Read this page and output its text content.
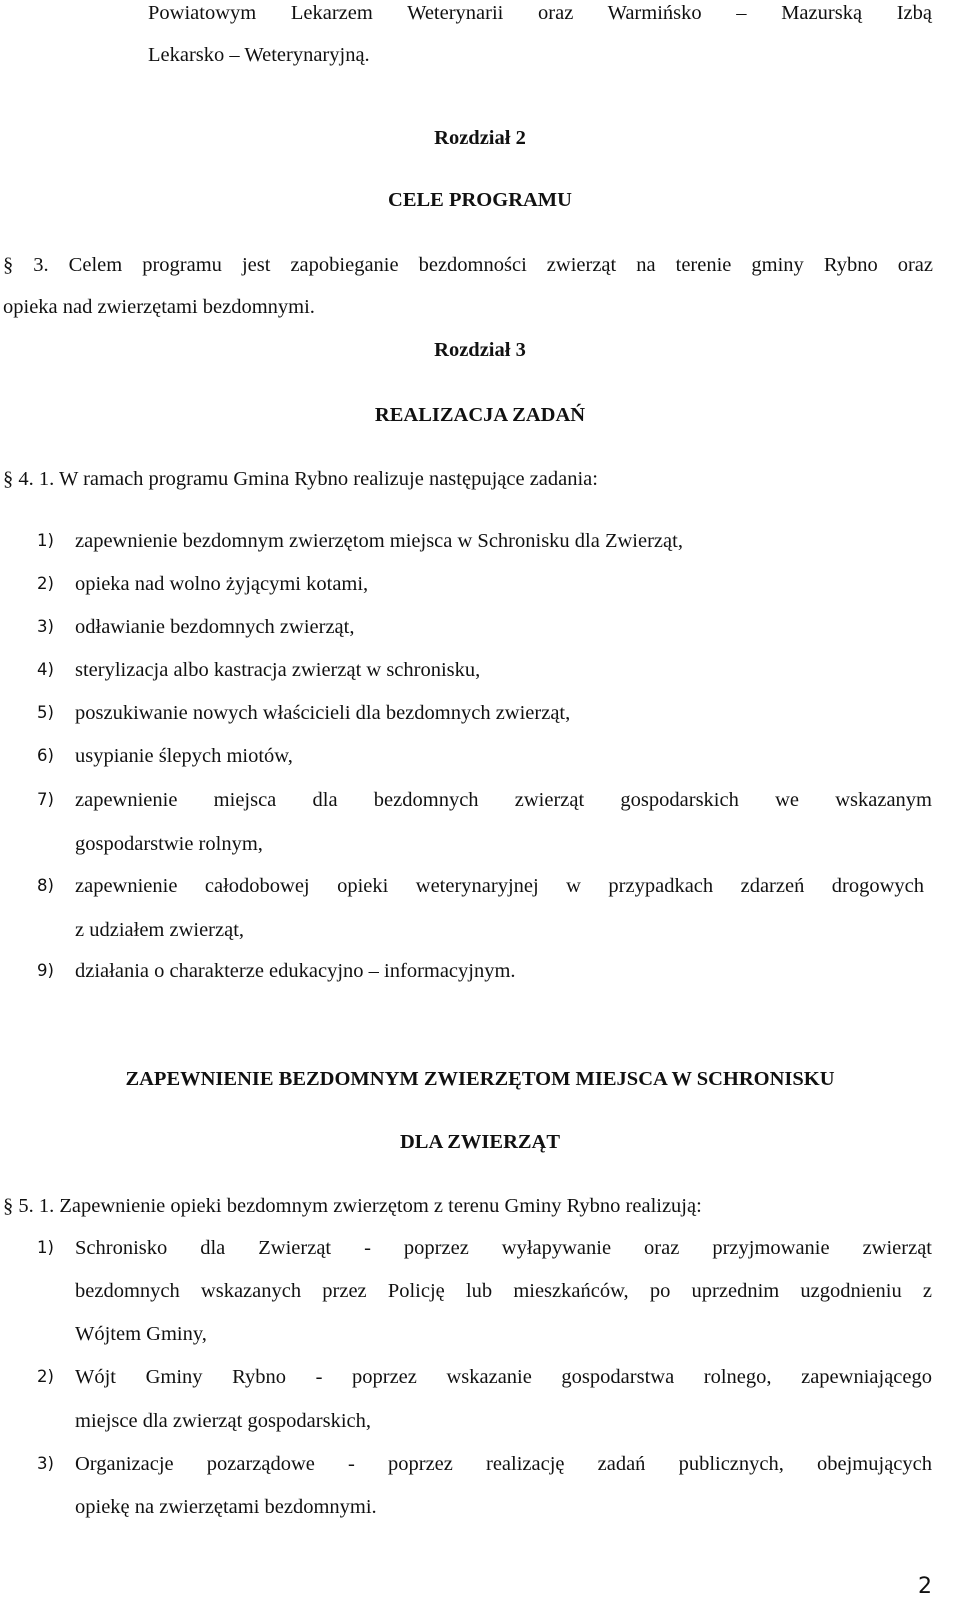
Powiatowym Lekarzem Weterynarii oraz Warmińsko – Mazurską Izbą
Lekarsko – Weterynaryjną.
Rozdział 2
CELE PROGRAMU
§ 3. Celem programu jest zapobieganie bezdomności zwierząt na terenie gminy Rybno oraz
opieka nad zwierzętami bezdomnymi.
Rozdział 3
REALIZACJA ZADAŃ
§ 4. 1. W ramach programu Gmina Rybno realizuje następujące zadania:
1) zapewnienie bezdomnym zwierzętom miejsca w Schronisku dla Zwierząt,
2) opieka nad wolno żyjącymi kotami,
3) odławianie bezdomnych zwierząt,
4) sterylizacja albo kastracja zwierząt w schronisku,
5) poszukiwanie nowych właścicieli dla bezdomnych zwierząt,
6) usypianie ślepych miotów,
7) zapewnienie miejsca dla bezdomnych zwierząt gospodarskich we wskazanym
gospodarstwie rolnym,
8) zapewnienie całodobowej opieki weterynaryjnej w przypadkach zdarzeń drogowych
z udziałem zwierząt,
9) działania o charakterze edukacyjno – informacyjnym.
ZAPEWNIENIE BEZDOMNYM ZWIERZĘTOM MIEJSCA W SCHRONISKU
DLA ZWIERZĄT
§ 5. 1. Zapewnienie opieki bezdomnym zwierzętom z terenu Gminy Rybno realizują:
1) Schronisko dla Zwierząt - poprzez wyłapywanie oraz przyjmowanie zwierząt
bezdomnych wskazanych przez Policję lub mieszkańców, po uprzednim uzgodnieniu z
Wójtem Gminy,
2) Wójt Gminy Rybno - poprzez wskazanie gospodarstwa rolnego, zapewniającego
miejsce dla zwierząt gospodarskich,
3) Organizacje pozarządowe - poprzez realizację zadań publicznych, obejmujących
opiekę na zwierzętami bezdomnymi.
2
